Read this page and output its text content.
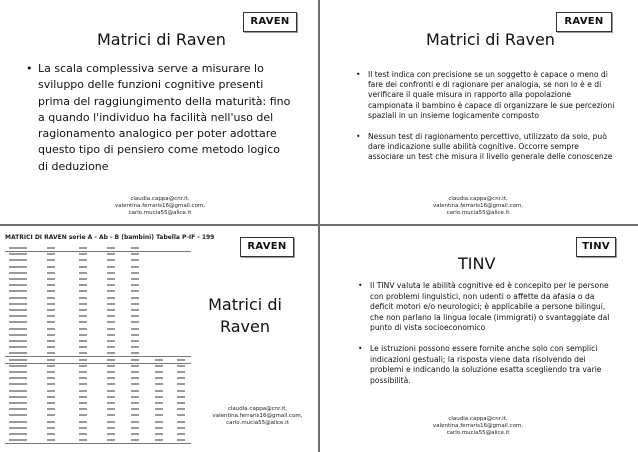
RAVEN
Matrici di Raven
• La scala complessiva serve a misurare lo sviluppo delle funzioni cognitive presenti prima del raggiungimento della maturità: fino a quando l'individuo ha facilità nell'uso del ragionamento analogico per poter adottare questo tipo di pensiero come metodo logico di deduzione
claudia.cappa@cnr.it,
valentina.ferraris16@gmail.com,
carlo.mucia55@alice.it
RAVEN
Matrici di Raven
• Il test indica con precisione se un soggetto è capace o meno di fare dei confronti e di ragionare per analogia, se non lo è e di verificare il quale misura in rapporto alla popolazione campionata il bambino è capace di organizzare le sue percezioni spaziali in un insieme logicamente composto
• Nessun test di ragionamento percettivo, utilizzato da solo, può dare indicazione sulle abilità cognitive. Occorre sempre associare un test che misura il livello generale delle conoscenze
claudia.cappa@cnr.it,
valentina.ferraris16@gmail.com,
carlo.mucia55@alice.it
MATRICI DI RAVEN serie A - Ab - B (bambini) Tabella P-IF - 199
RAVEN
Matrici di Raven
claudia.cappa@cnr.it,
valentina.ferraris16@gmail.com,
carlo.mucia55@alice.it
TINV
TINV
• Il TINV valuta le abilità cognitive ed è concepito per le persone con problemi linguistici, non udenti o affette da afasia o da deficit motori e/o neurologici; è applicabile a persone bilingui, che non parlano la lingua locale (immigrati) o svantaggiate dal punto di vista socioeconomico
• Le istruzioni possono essere fornite anche solo con semplici indicazioni gestuali; la risposta viene data risolvendo dei problemi e indicando la soluzione esatta scegliendo tra varie possibilità.
claudia.cappa@cnr.it,
valentina.ferraris16@gmail.com,
carlo.mucia55@alice.it
